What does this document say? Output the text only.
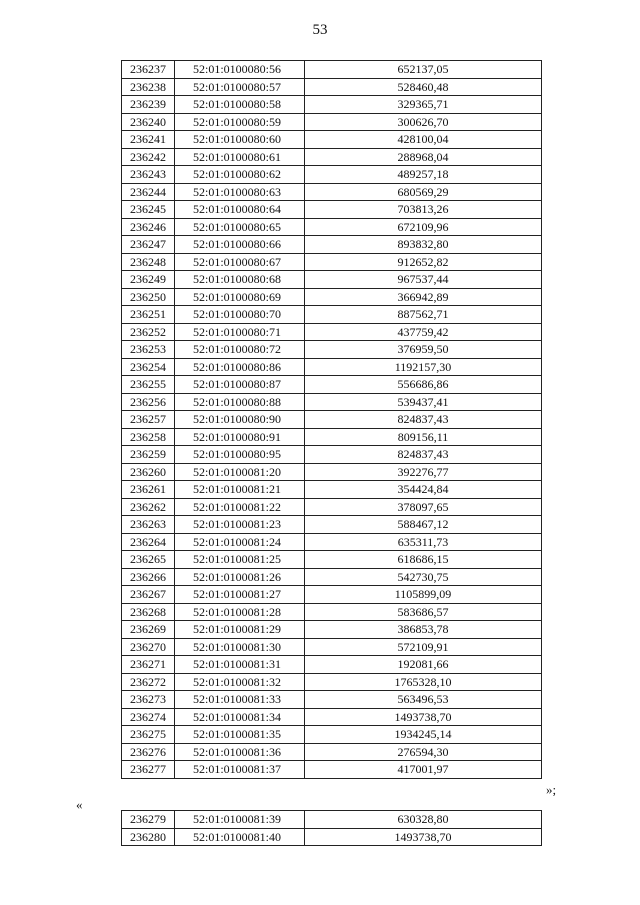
53
236237	52:01:0100080:56	652137,05
236238	52:01:0100080:57	528460,48
236239	52:01:0100080:58	329365,71
236240	52:01:0100080:59	300626,70
236241	52:01:0100080:60	428100,04
236242	52:01:0100080:61	288968,04
236243	52:01:0100080:62	489257,18
236244	52:01:0100080:63	680569,29
236245	52:01:0100080:64	703813,26
236246	52:01:0100080:65	672109,96
236247	52:01:0100080:66	893832,80
236248	52:01:0100080:67	912652,82
236249	52:01:0100080:68	967537,44
236250	52:01:0100080:69	366942,89
236251	52:01:0100080:70	887562,71
236252	52:01:0100080:71	437759,42
236253	52:01:0100080:72	376959,50
236254	52:01:0100080:86	1192157,30
236255	52:01:0100080:87	556686,86
236256	52:01:0100080:88	539437,41
236257	52:01:0100080:90	824837,43
236258	52:01:0100080:91	809156,11
236259	52:01:0100080:95	824837,43
236260	52:01:0100081:20	392276,77
236261	52:01:0100081:21	354424,84
236262	52:01:0100081:22	378097,65
236263	52:01:0100081:23	588467,12
236264	52:01:0100081:24	635311,73
236265	52:01:0100081:25	618686,15
236266	52:01:0100081:26	542730,75
236267	52:01:0100081:27	1105899,09
236268	52:01:0100081:28	583686,57
236269	52:01:0100081:29	386853,78
236270	52:01:0100081:30	572109,91
236271	52:01:0100081:31	192081,66
236272	52:01:0100081:32	1765328,10
236273	52:01:0100081:33	563496,53
236274	52:01:0100081:34	1493738,70
236275	52:01:0100081:35	1934245,14
236276	52:01:0100081:36	276594,30
236277	52:01:0100081:37	417001,97
»;
«
236279	52:01:0100081:39	630328,80
236280	52:01:0100081:40	1493738,70
